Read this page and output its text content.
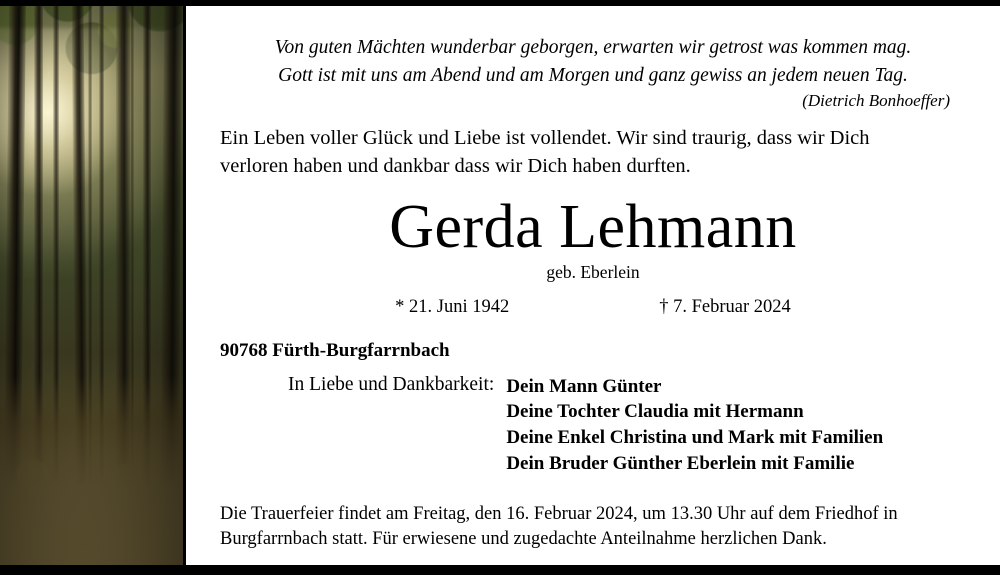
Von guten Mächten wunderbar geborgen, erwarten wir getrost was kommen mag.
Gott ist mit uns am Abend und am Morgen und ganz gewiss an jedem neuen Tag.
(Dietrich Bonhoeffer)
Ein Leben voller Glück und Liebe ist vollendet. Wir sind traurig, dass wir Dich
verloren haben und dankbar dass wir Dich haben durften.
Gerda Lehmann
geb. Eberlein
* 21. Juni 1942	† 7. Februar 2024
90768 Fürth-Burgfarrnbach
In Liebe und Dankbarkeit: Dein Mann Günter
Deine Tochter Claudia mit Hermann
Deine Enkel Christina und Mark mit Familien
Dein Bruder Günther Eberlein mit Familie
Die Trauerfeier findet am Freitag, den 16. Februar 2024, um 13.30 Uhr auf dem Friedhof in
Burgfarrnbach statt. Für erwiesene und zugedachte Anteilnahme herzlichen Dank.
